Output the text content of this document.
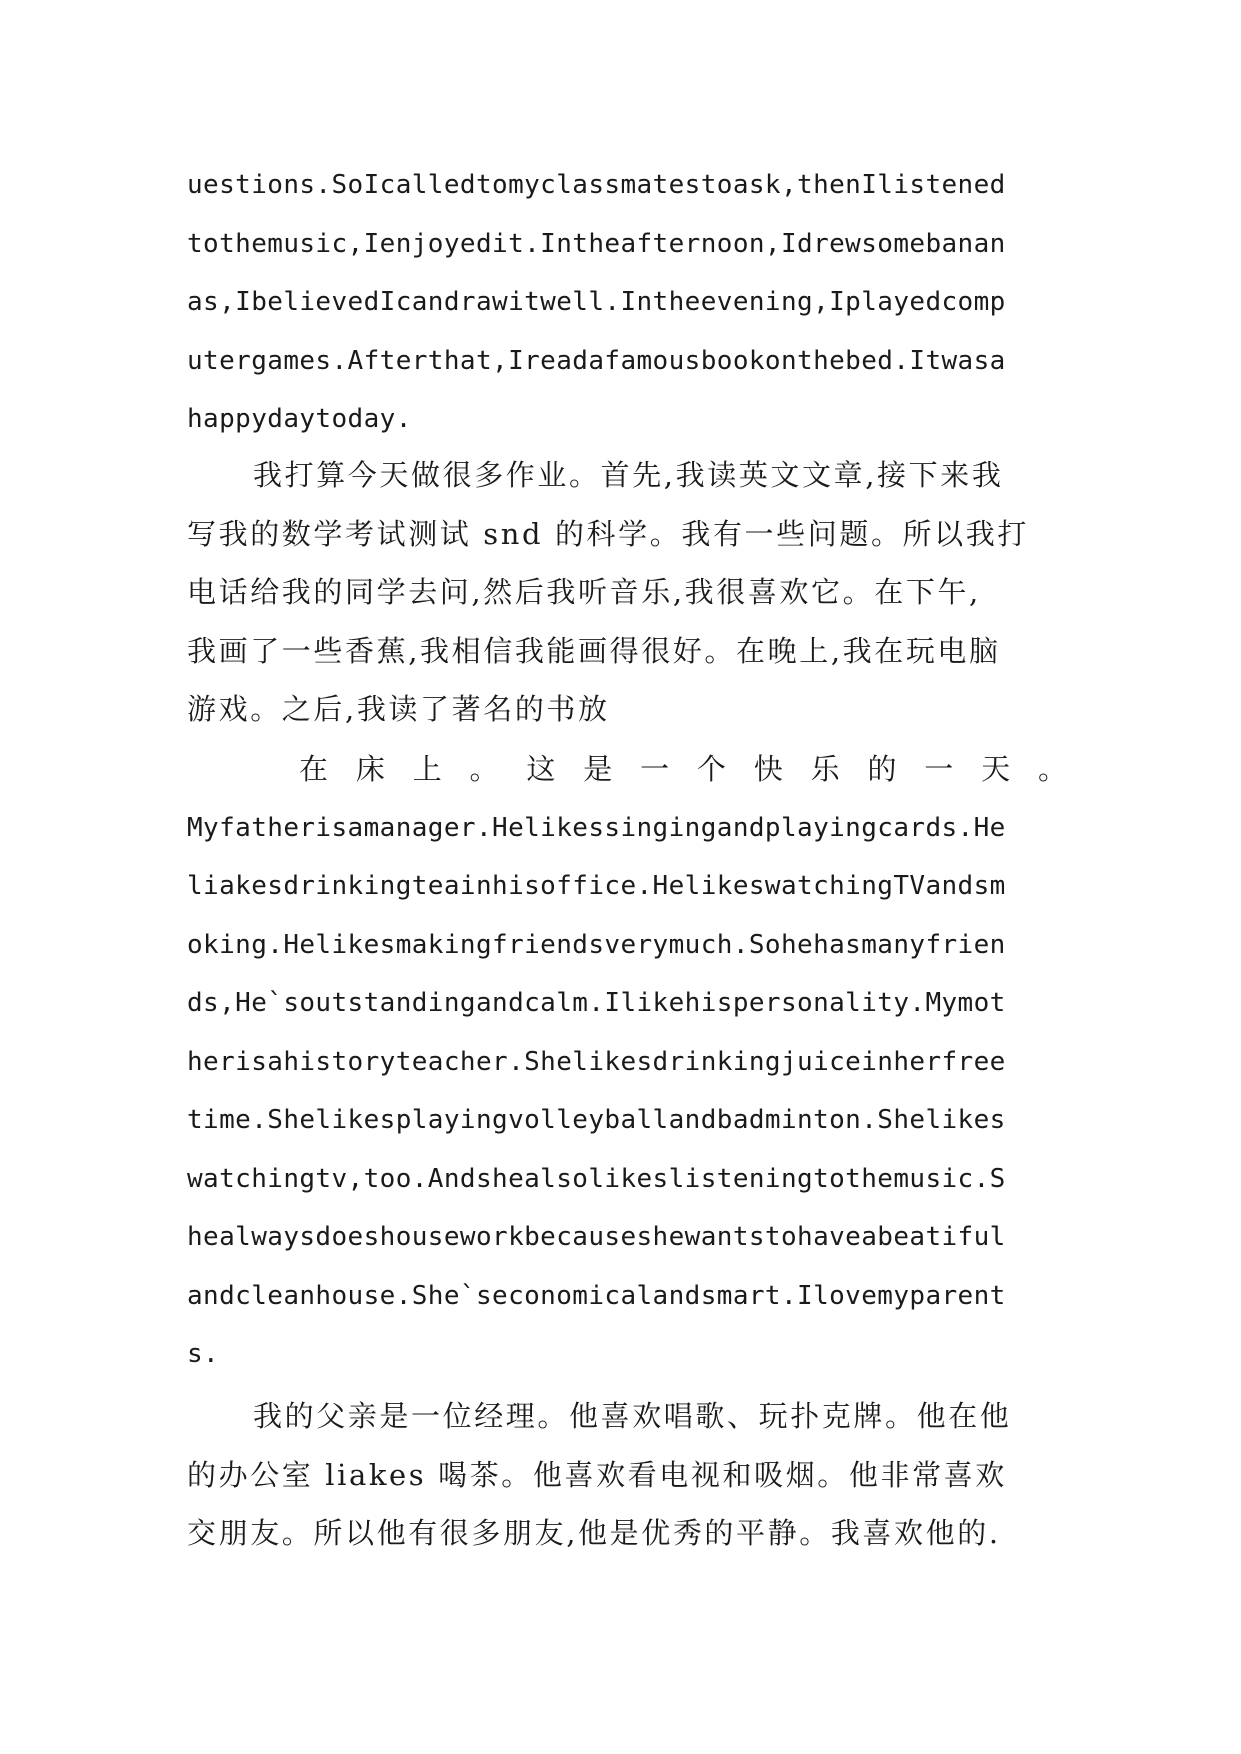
uestions.SoIcalledtomyclassmatestoask,thenIlistened
tothemusic,Ienjoyedit.Intheafternoon,Idrewsomebanan
as,IbelievedIcandrawitwell.Intheevening,Iplayedcomp
utergames.Afterthat,Ireadafamousbookonthebed.Itwasa
happydaytoday.
我打算今天做很多作业。首先,我读英文文章,接下来我
写我的数学考试测试 snd 的科学。我有一些问题。所以我打
电话给我的同学去问,然后我听音乐,我很喜欢它。在下午,
我画了一些香蕉,我相信我能画得很好。在晚上,我在玩电脑
游戏。之后,我读了著名的书放
在床上。这是一个快乐的一天。
Myfatherisamanager.Helikessingingandplayingcards.He
liakesdrinkingteainhisoffice.HelikeswatchingTVandsm
oking.Helikesmakingfriendsverymuch.Sohehasmanyfrien
ds,He`soutstandingandcalm.Ilikehispersonality.Mymot
herisahistoryteacher.Shelikesdrinkingjuiceinherfree
time.Shelikesplayingvolleyballandbadminton.Shelikes
watchingtv,too.Andshealsolikeslisteningtothemusic.S
healwaysdoeshouseworkbecauseshewantstohaveabeatiful
andcleanhouse.She`seconomicalandsmart.Ilovemyparent
s.
我的父亲是一位经理。他喜欢唱歌、玩扑克牌。他在他
的办公室 liakes 喝茶。他喜欢看电视和吸烟。他非常喜欢
交朋友。所以他有很多朋友,他是优秀的平静。我喜欢他的.
